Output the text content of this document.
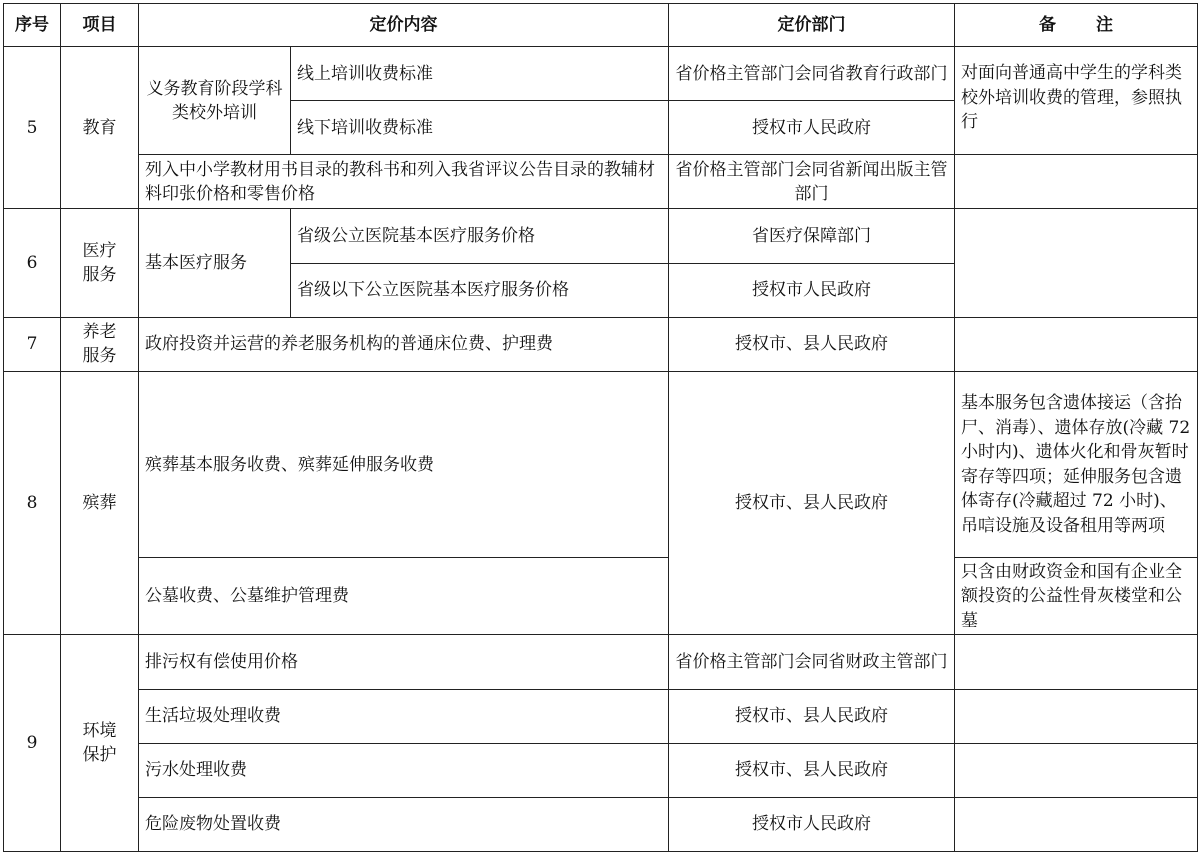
序号	项目	定价内容		定价部门	备 注
5	教育	义务教育阶段学科类校外培训	线上培训收费标准	省价格主管部门会同省教育行政部门	对面向普通高中学生的学科类校外培训收费的管理，参照执行
			线下培训收费标准	授权市人民政府	
		列入中小学教材用书目录的教科书和列入我省评议公告目录的教辅材料印张价格和零售价格		省价格主管部门会同省新闻出版主管部门	
6	医疗服务	基本医疗服务	省级公立医院基本医疗服务价格	省医疗保障部门	
			省级以下公立医院基本医疗服务价格	授权市人民政府	
7	养老服务	政府投资并运营的养老服务机构的普通床位费、护理费		授权市、县人民政府	
8	殡葬	殡葬基本服务收费、殡葬延伸服务收费		授权市、县人民政府	基本服务包含遗体接运（含抬尸、消毒）、遗体存放(冷藏 72 小时内)、遗体火化和骨灰暂时寄存等四项；延伸服务包含遗体寄存(冷藏超过 72 小时)、吊唁设施及设备租用等两项
		公墓收费、公墓维护管理费			只含由财政资金和国有企业全额投资的公益性骨灰楼堂和公墓
9	环境保护	排污权有偿使用价格		省价格主管部门会同省财政主管部门	
		生活垃圾处理收费		授权市、县人民政府	
		污水处理收费		授权市、县人民政府	
		危险废物处置收费		授权市人民政府	
